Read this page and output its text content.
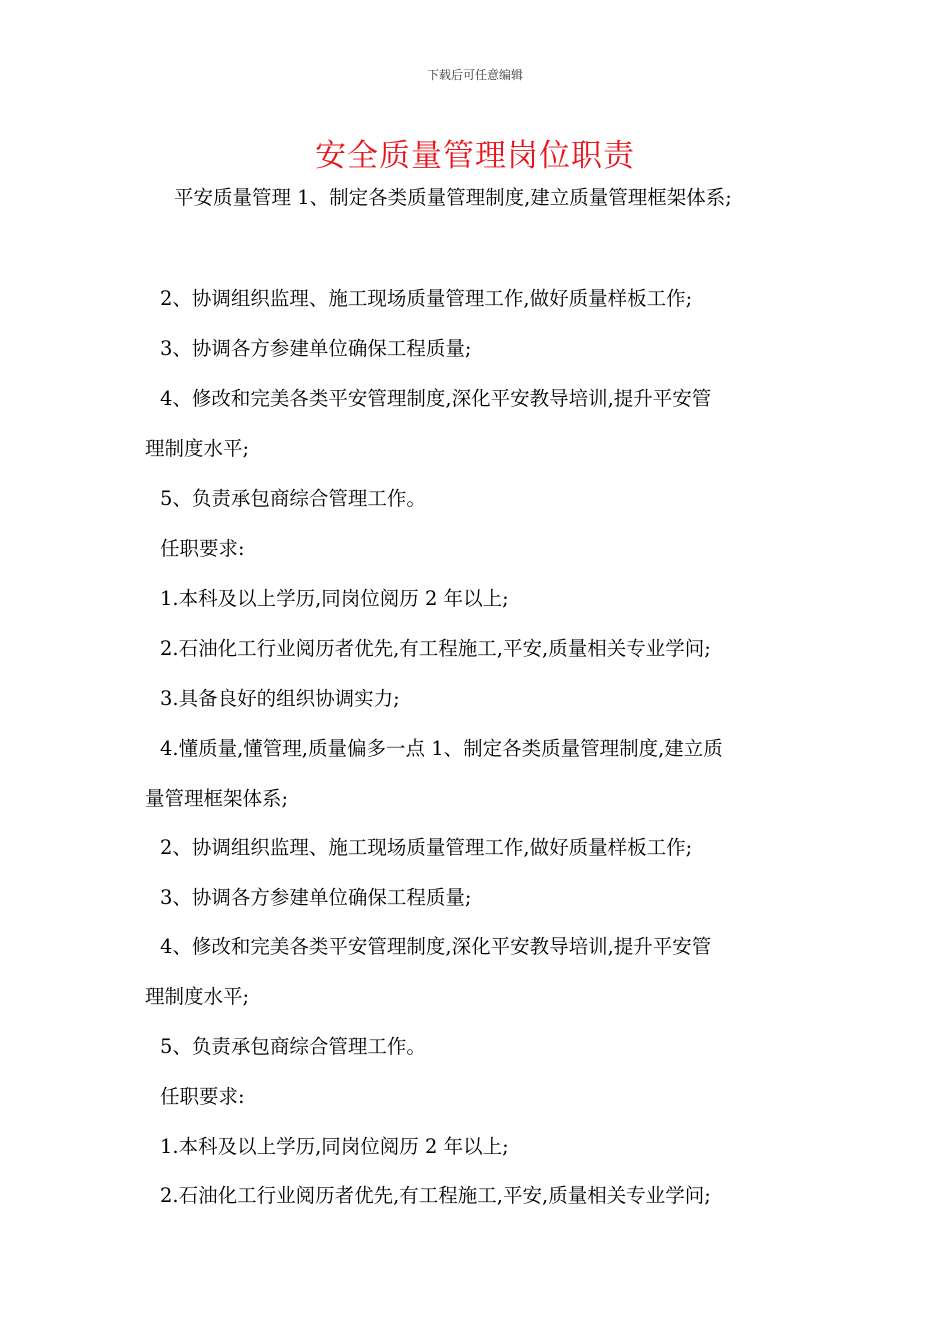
下载后可任意编辑
安全质量管理岗位职责
平安质量管理 1、制定各类质量管理制度,建立质量管理框架体系;
2、协调组织监理、施工现场质量管理工作,做好质量样板工作;
3、协调各方参建单位确保工程质量;
4、修改和完美各类平安管理制度,深化平安教导培训,提升平安管
理制度水平;
5、负责承包商综合管理工作。
任职要求:
1.本科及以上学历,同岗位阅历 2 年以上;
2.石油化工行业阅历者优先,有工程施工,平安,质量相关专业学问;
3.具备良好的组织协调实力;
4.懂质量,懂管理,质量偏多一点 1、制定各类质量管理制度,建立质
量管理框架体系;
2、协调组织监理、施工现场质量管理工作,做好质量样板工作;
3、协调各方参建单位确保工程质量;
4、修改和完美各类平安管理制度,深化平安教导培训,提升平安管
理制度水平;
5、负责承包商综合管理工作。
任职要求:
1.本科及以上学历,同岗位阅历 2 年以上;
2.石油化工行业阅历者优先,有工程施工,平安,质量相关专业学问;
